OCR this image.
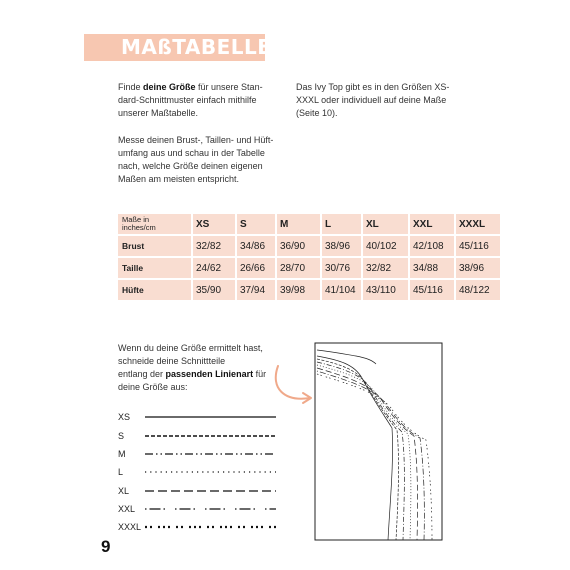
MAßTABELLE

Finde deine Größe für unsere Stan-
dard-Schnittmuster einfach mithilfe
unserer Maßtabelle.

Messe deinen Brust-, Taillen- und Hüft-
umfang aus und schau in der Tabelle
nach, welche Größe deinen eigenen
Maßen am meisten entspricht.

Das Ivy Top gibt es in den Größen XS-
XXXL oder individuell auf deine Maße
(Seite 10).

Maße in
inches/cm	XS	S	M	L	XL	XXL	XXXL
Brust	32/82	34/86	36/90	38/96	40/102	42/108	45/116
Taille	24/62	26/66	28/70	30/76	32/82	34/88	38/96
Hüfte	35/90	37/94	39/98	41/104	43/110	45/116	48/122

Wenn du deine Größe ermittelt hast,
schneide deine Schnittteile
entlang der passenden Linienart für
deine Größe aus:

XS
S
M
L
XL
XXL
XXXL
9
